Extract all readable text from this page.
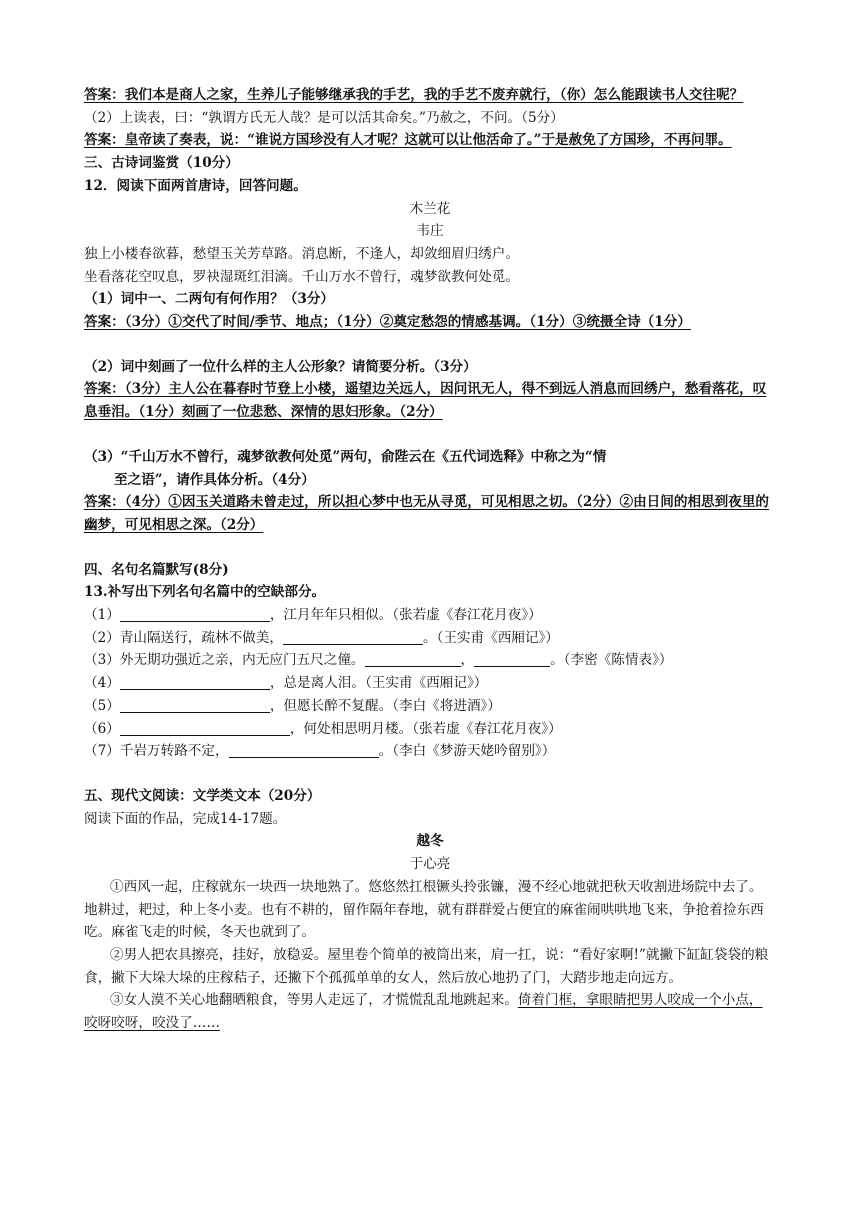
答案：我们本是商人之家，生养儿子能够继承我的手艺，我的手艺不废弃就行，（你）怎么能跟读书人交往呢？
（2）上读表，曰：“孰谓方氏无人哉？是可以活其命矣。”乃赦之，不问。（5分）
答案：皇帝读了奏表，说：“谁说方国珍没有人才呢？这就可以让他活命了。”于是赦免了方国珍，不再问罪。
三、古诗词鉴赏（10分）
12．阅读下面两首唐诗，回答问题。
木兰花
韦庄
独上小楼春欲暮，愁望玉关芳草路。消息断，不逢人，却敛细眉归绣户。
坐看落花空叹息，罗袂湿斑红泪滴。千山万水不曾行，魂梦欲教何处觅。
（1）词中一、二两句有何作用？（3分）
答案：（3分）①交代了时间/季节、地点；（1分）②奠定愁怨的情感基调。（1分）③统摄全诗（1分）
（2）词中刻画了一位什么样的主人公形象？请简要分析。（3分）
答案：（3分）主人公在暮春时节登上小楼，遥望边关远人，因问讯无人，得不到远人消息而回绣户，愁看落花，叹息垂泪。（1分）刻画了一位悲愁、深情的思妇形象。（2分）
（3）“千山万水不曾行，魂梦欲教何处觅”两句，俞陛云在《五代词选释》中称之为“情
至之语”，请作具体分析。（4分）
答案：（4分）①因玉关道路未曾走过，所以担心梦中也无从寻觅，可见相思之切。（2分）②由日间的相思到夜里的幽梦，可见相思之深。（2分）
四、名句名篇默写(8分)
13.补写出下列名句名篇中的空缺部分。
（1）	，江月年年只相似。（张若虚《春江花月夜》）
（2）青山隔送行，疏林不做美，	。（王实甫《西厢记》）
（3）外无期功强近之亲，内无应门五尺之僮。	，	。（李密《陈情表》）
（4）	，总是离人泪。（王实甫《西厢记》）
（5）	，但愿长醉不复醒。（李白《将进酒》）
（6）	，何处相思明月楼。（张若虚《春江花月夜》）
（7）千岩万转路不定，	。（李白《梦游天姥吟留别》）
五、现代文阅读：文学类文本（20分）
阅读下面的作品，完成14-17题。
越冬
于心亮
①西风一起，庄稼就东一块西一块地熟了。悠悠然扛根镢头拎张镰，漫不经心地就把秋天收割进场院中去了。地耕过，耙过，种上冬小麦。也有不耕的，留作隔年春地，就有群群爱占便宜的麻雀闹哄哄地飞来，争抢着捡东西吃。麻雀飞走的时候，冬天也就到了。
②男人把农具擦亮，挂好，放稳妥。屋里卷个简单的被筒出来，肩一扛，说：“看好家啊!”就撇下缸缸袋袋的粮食，撇下大垛大垛的庄稼秸子，还撇下个孤孤单单的女人，然后放心地扔了门，大踏步地走向远方。
③女人漠不关心地翻晒粮食，等男人走远了，才慌慌乱乱地跳起来。倚着门框，拿眼睛把男人咬成一个小点，咬呀咬呀，咬没了……
